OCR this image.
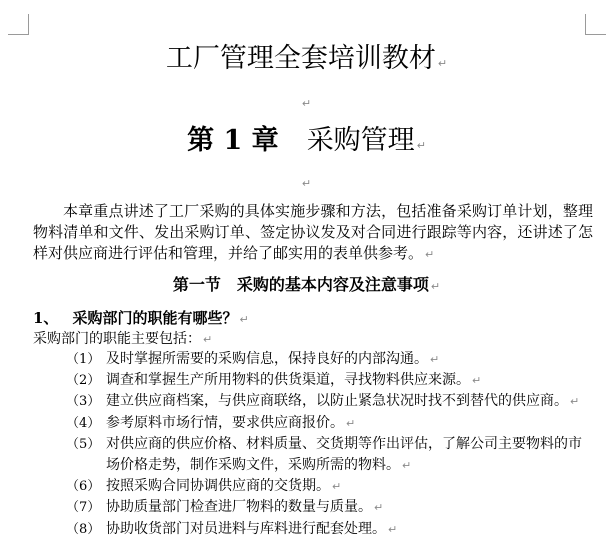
工厂管理全套培训教材 ↵
↵
第 1 章 采购管理 ↵
↵
本章重点讲述了工厂采购的具体实施步骤和方法，包括准备采购订单计划，整理物料清单和文件、发出采购订单、签定协议发及对合同进行跟踪等内容，还讲述了怎样对供应商进行评估和管理，并给了邮实用的表单供参考。 ↵
第一节　采购的基本内容及注意事项 ↵
1、 采购部门的职能有哪些？ ↵
采购部门的职能主要包括： ↵
（1） 及时掌握所需要的采购信息，保持良好的内部沟通。 ↵
（2） 调查和掌握生产所用物料的供货渠道，寻找物料供应来源。 ↵
（3） 建立供应商档案，与供应商联络，以防止紧急状况时找不到替代的供应商。 ↵
（4） 参考原料市场行情，要求供应商报价。 ↵
（5） 对供应商的供应价格、材料质量、交货期等作出评估，了解公司主要物料的市场价格走势，制作采购文件，采购所需的物料。 ↵
（6） 按照采购合同协调供应商的交货期。 ↵
（7） 协助质量部门检查进厂物料的数量与质量。 ↵
（8） 协助收货部门对员进料与库料进行配套处理。 ↵
